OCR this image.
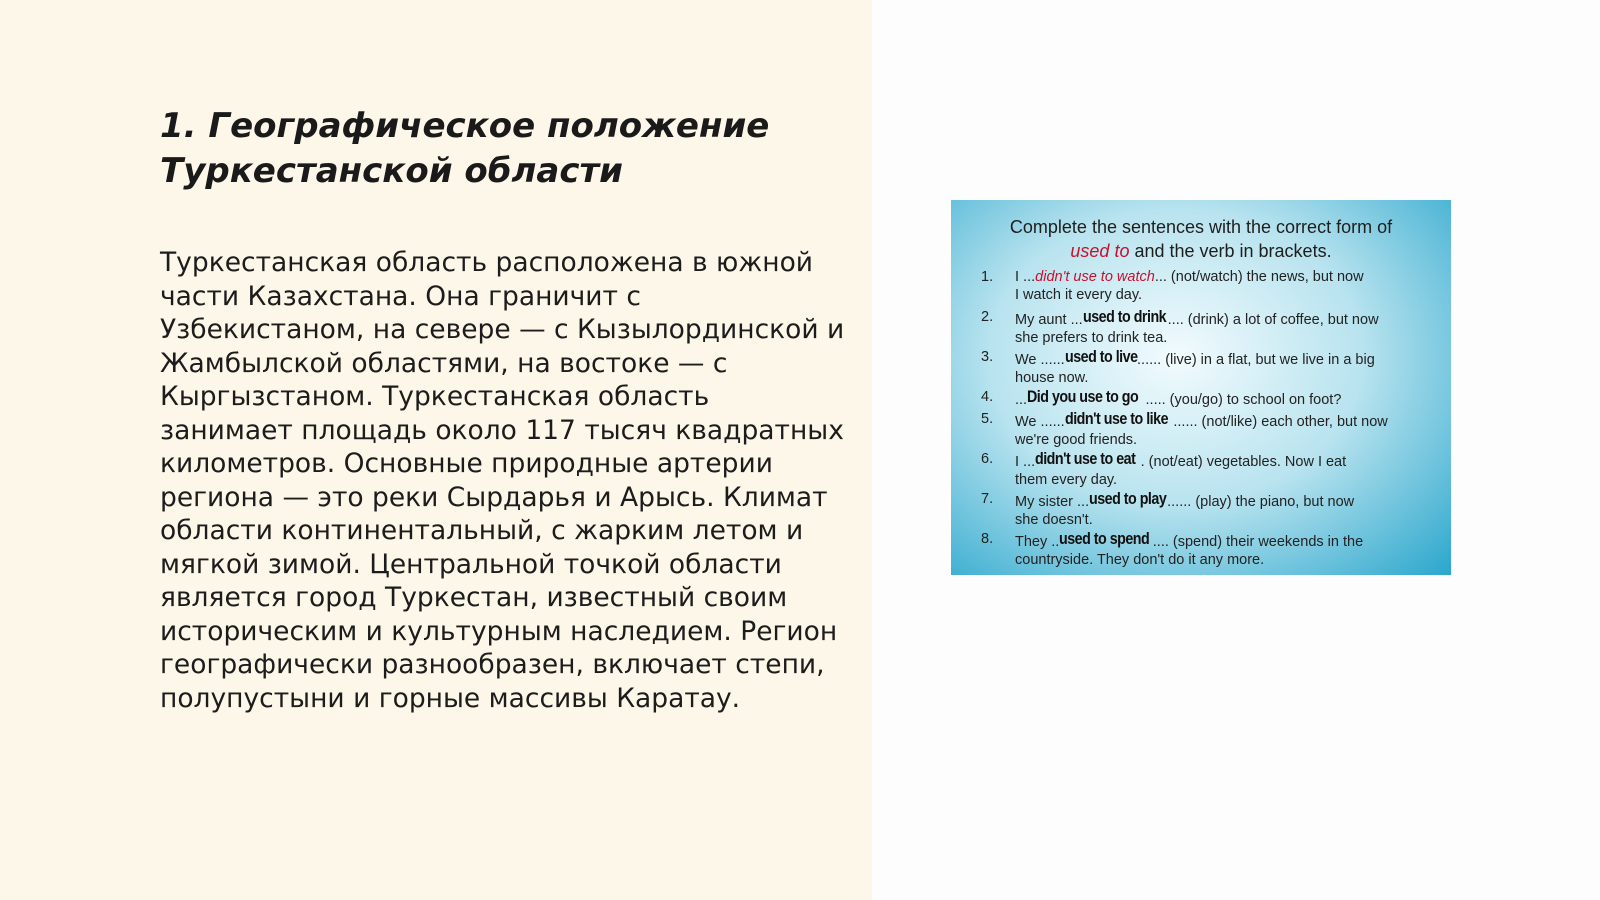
1. Географическое положение
Туркестанской области

Туркестанская область расположена в южной части Казахстана. Она граничит с Узбекистаном, на севере — с Кызылординской и Жамбылской областями, на востоке — с Кыргызстаном. Туркестанская область занимает площадь около 117 тысяч квадратных километров. Основные природные артерии региона — это реки Сырдарья и Арысь. Климат области континентальный, с жарким летом и мягкой зимой. Центральной точкой области является город Туркестан, известный своим историческим и культурным наследием. Регион географически разнообразен, включает степи, полупустыни и горные массивы Каратау.

Complete the sentences with the correct form of
used to and the verb in brackets.
1.	I ...didn't use to watch... (not/watch) the news, but now
I watch it every day.
2.	My aunt ...used to drink .... (drink) a lot of coffee, but now
she prefers to drink tea.
3.	We ......used to live...... (live) in a flat, but we live in a big
house now.
4.	...Did you use to go ..... (you/go) to school on foot?
5.	We ......didn't use to like ...... (not/like) each other, but now
we're good friends.
6.	I ...didn't use to eat . (not/eat) vegetables. Now I eat
them every day.
7.	My sister ...used to play...... (play) the piano, but now
she doesn't.
8.	They ..used to spend .... (spend) their weekends in the
countryside. They don't do it any more.
